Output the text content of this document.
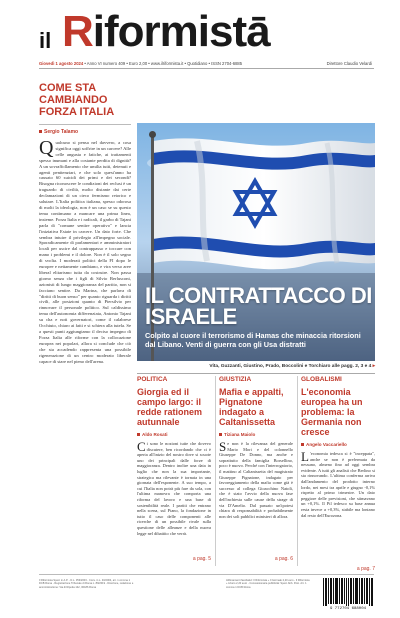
il Riformistā
Giovedì 1 agosto 2024 • Anno VI numero 409 • Euro 2,00 • www.ilriformista.it • Quotidiano • ISSN 2704-6885	Direttore Claudio Velardi
COME STA CAMBIANDO FORZA ITALIA
Sergio Talamo
Qualcuno si pensa nel davvero, a cosa significa oggi soffrire in un carcere? Alle celle angusta e fatiche, ai trattamenti spesso inumani e alla costante perdita di dignità? A un sovraffollamento che umilia tutti, detenuti e agenti penitenziari, e che solo quest'anno ha causato 60 suicidi dei primi e dei secondi? Bisogna riconoscere le condizioni dei reclusi è un traguardo di civiltà, molto distante dai certe declamazioni di un cieco fermismo retorico e salutare. L'Italia politica italiana, spesso odorosa di molti la ideologia, non è un caso se su questo tema continuano a mancare una prima linea, insieme. Forza Italia e i radicali, il garbo di Tajani parla di "comune sentire operativo" e lancia l'iniziativa Estate in carcere. Un dato forte. Che sembra intuire il privilegio all'impegno sociale. Sporadicamente di parlamentari e amministratori locali per uscire dal contrappasso e toccare con mano i problemi e il dolore. Non è il solo segno di svolta. I moderati politici della FI dopo le europee e nettamente cambiano, e vira verso aree liberal elitarismo tutta da costruire. Non passa giorno senza che i figli di Silvio Berlusconi, azionisti di lungo maggioranza del partito, non si facciano sentire. Da Marina, che parlava di "diritti di buon senso" per quanto riguarda i diritti civili, alle posizioni quanto di Piersilvio per rinnovare il personale politico. Sul caldissimo tema dell'autonomia differenziata, Antonio Tajani su cha e noti governatori, come il calabrese Occhiuto, chiaro ai fatti e si schiera alla tutela. Se a questi punti aggiungiamo il deciso impegno di Forza Italia alle riforme con la collocazione europea nei popolari, allora si conclude che ciò che sta accadendo rappresenta una possibile rigenerazione di un centro moderato liberale capace di stare nel pieno dell'arena.
IL CONTRATTACCO DI ISRAELE
Colpito al cuore il terrorismo di Hamas che minaccia ritorsioni dal Libano. Venti di guerra con gli Usa distratti
Vita, Guzzanti, Giustino, Prado, Boccolini e Torchiaro alle pagg. 2, 3 e 4 ▸
POLITICA
Giorgia ed il campo largo: il redde rationem autunnale
Aldo Rosati
Ci sono le nozioni tutte che dovevo discutere, ben ricordando che ci è aperta all'inizio del nostro dove si scuote uno dei principali dalle forze di maggioranza. Dentro inoltre una data in luglio che non la sua importante, strategica ma rilevante è tornata in una giornata dell'esponente. A suo tempo, a cui l'Italia non potrà più fare da sola, con l'ultima manovra che comporta una riforma del lavoro e una base di sostenibilità reale. I partiti che entrano nella scena, sul Piano, la fondazione in tutto il caso delle componenti alle ricerche di un possibile rivale sulla questione delle alleanze e della nuova legge nel dibattito che verrà.
a pag. 5
GIUSTIZIA
Mafia e appalti, Pignatone indagato a Caltanissetta
Tiziana Maiolo
Se non è la rilevanza del generale Mario Mori e del colonnello Giuseppe De Donno, ma anche e soprattutto della famiglia Borsellino, poco è nuovo. Perché con l'interrogatorio, il mattino al Caltanissetta del magistrato Giuseppe Pignatone, indagato per favoreggiamento della mafia come già è successo al collega Gioacchino Natoli, che è stato l'avvio della nuova fase dell'inchiesta sulle cause della strage di via D'Amelio. Dal passato un'ipotesi chiara di responsabilità e probabilmente non dei soli pubblici ministeri di allora.
a pag. 6
GLOBALISMI
L'economia europea ha un problema: la Germania non cresce
Angelo Vaccariello
L 'economia tedesca si è "inceppata", anche se non è prefermata da nessuno, almeno fino ad oggi sembra evidente. A tutti gli analisti che Berlino si sta rinnovando. L'ultima conferma arriva dall'andamento del prodotto interno lordo, nei mesi tra aprile e giugno -0,1% rispetto al primo trimestre. Un dato peggiore delle previsioni, che stimavano un +0,1%. Il Pil tedesco su base annua resta invece a +0,3%, stabile ma lontano dal resto dell'Eurozona.
a pag. 7
Il Riformista Sped. in A.P. - D.L. 353/2003 - Conv. in L. 46/2004, art. 1 comma 1 DCB Roma - Registrazione Tribunale di Roma n. 89/2019 - Direzione, redazione e amministrazione: Via di Ripetta 142, 00186 Roma
Abbinamenti facoltativi: Il Riformista + Il Giornale 2,20 euro - Il Riformista + Libero 2,20 euro - Concessionaria pubblicità: Sped. Abb. Post. Art. 1 comma 1 DCB Roma
9 772704 688004
